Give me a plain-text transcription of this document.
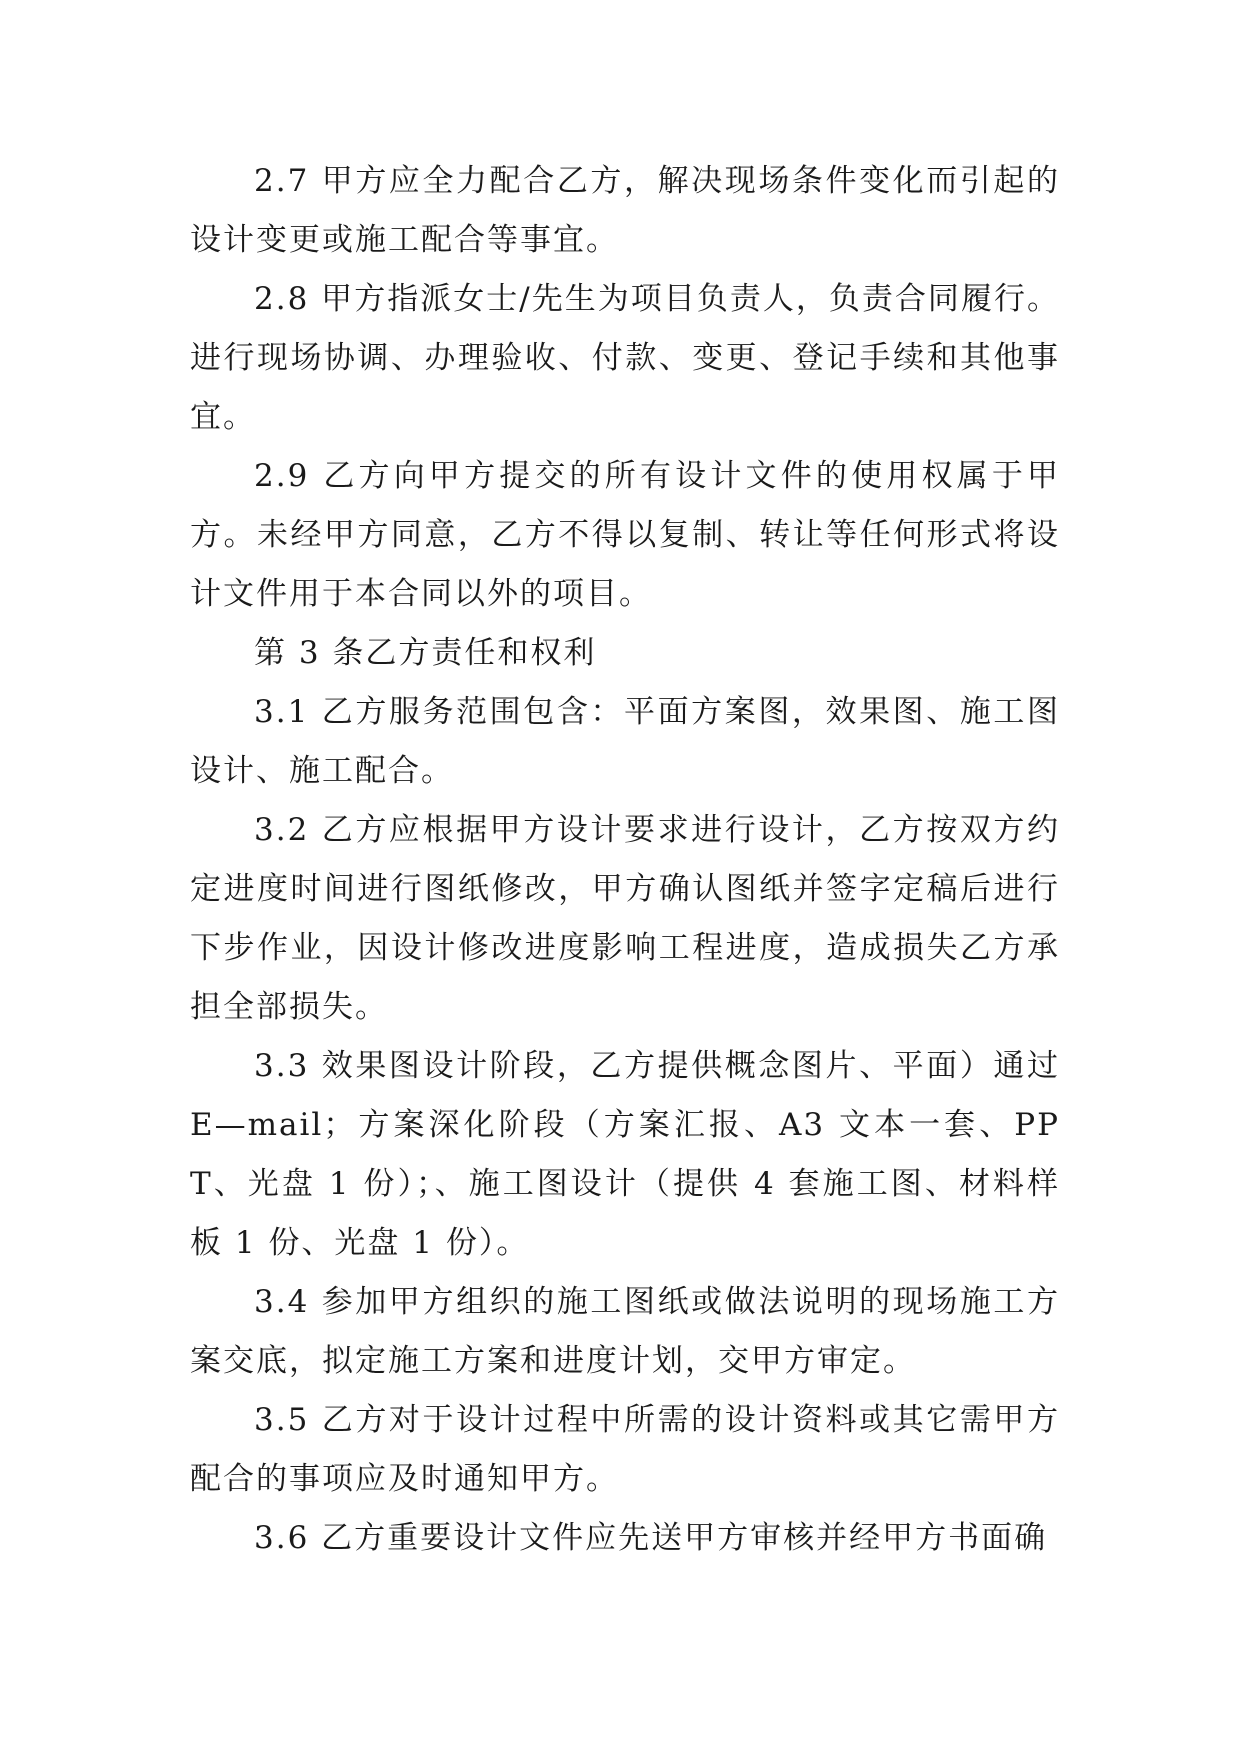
2.7 甲方应全力配合乙方，解决现场条件变化而引起的设计变更或施工配合等事宜。

2.8 甲方指派女士/先生为项目负责人，负责合同履行。进行现场协调、办理验收、付款、变更、登记手续和其他事宜。

2.9 乙方向甲方提交的所有设计文件的使用权属于甲方。未经甲方同意，乙方不得以复制、转让等任何形式将设计文件用于本合同以外的项目。

第 3 条乙方责任和权利

3.1 乙方服务范围包含：平面方案图，效果图、施工图设计、施工配合。

3.2 乙方应根据甲方设计要求进行设计，乙方按双方约定进度时间进行图纸修改，甲方确认图纸并签字定稿后进行下步作业，因设计修改进度影响工程进度，造成损失乙方承担全部损失。

3.3 效果图设计阶段，乙方提供概念图片、平面）通过E—mail；方案深化阶段（方案汇报、A3 文本一套、PPT、光盘 1 份）；、施工图设计（提供 4 套施工图、材料样板 1 份、光盘 1 份）。

3.4 参加甲方组织的施工图纸或做法说明的现场施工方案交底，拟定施工方案和进度计划，交甲方审定。

3.5 乙方对于设计过程中所需的设计资料或其它需甲方配合的事项应及时通知甲方。

3.6 乙方重要设计文件应先送甲方审核并经甲方书面确
